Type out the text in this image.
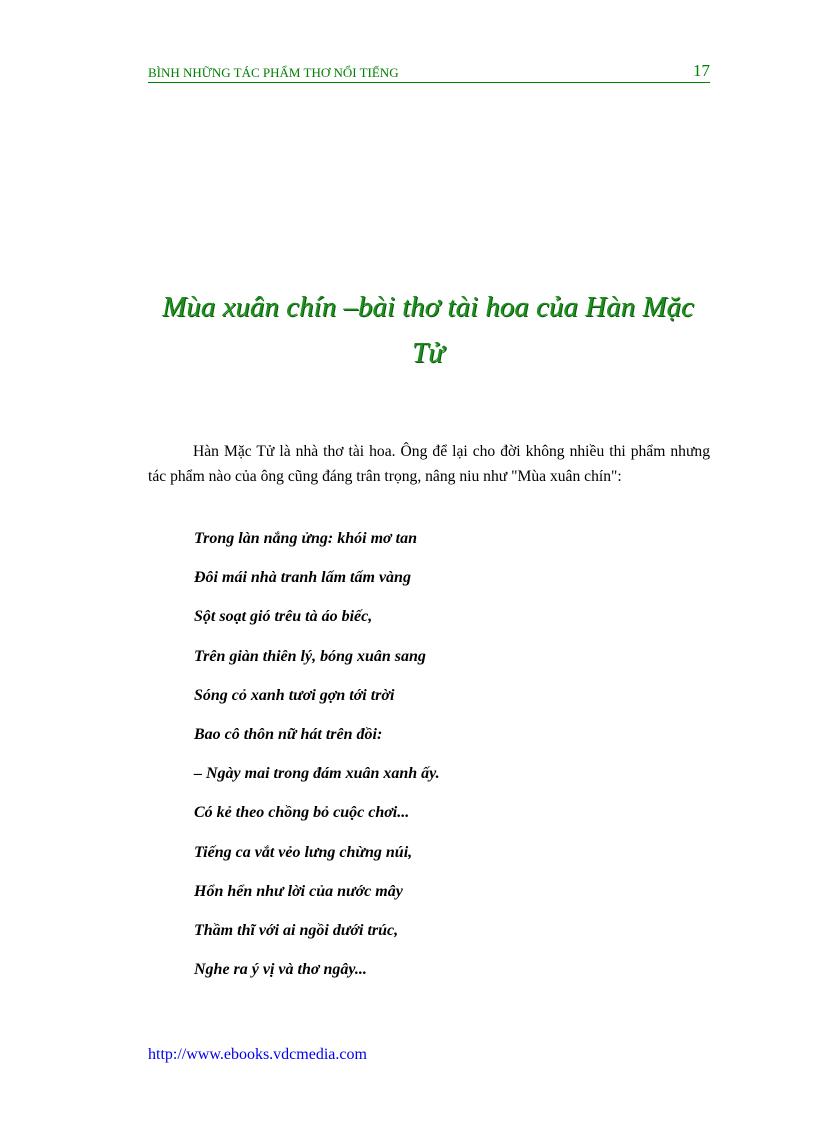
BÌNH NHỮNG TÁC PHẨM THƠ NỔI TIẾNG	17
Mùa xuân chín –bài thơ tài hoa của Hàn Mặc
Tử

Hàn Mặc Tử là nhà thơ tài hoa. Ông để lại cho đời không nhiều thi phẩm nhưng tác phẩm nào của ông cũng đáng trân trọng, nâng niu như "Mùa xuân chín":

Trong làn nắng ửng: khói mơ tan
Đôi mái nhà tranh lấm tấm vàng
Sột soạt gió trêu tà áo biếc,
Trên giàn thiên lý, bóng xuân sang
Sóng cỏ xanh tươi gợn tới trời
Bao cô thôn nữ hát trên đồi:
– Ngày mai trong đám xuân xanh ấy.
Có kẻ theo chồng bỏ cuộc chơi...
Tiếng ca vắt vẻo lưng chừng núi,
Hổn hển như lời của nước mây
Thầm thĩ với ai ngồi dưới trúc,
Nghe ra ý vị và thơ ngây...
http://www.ebooks.vdcmedia.com
